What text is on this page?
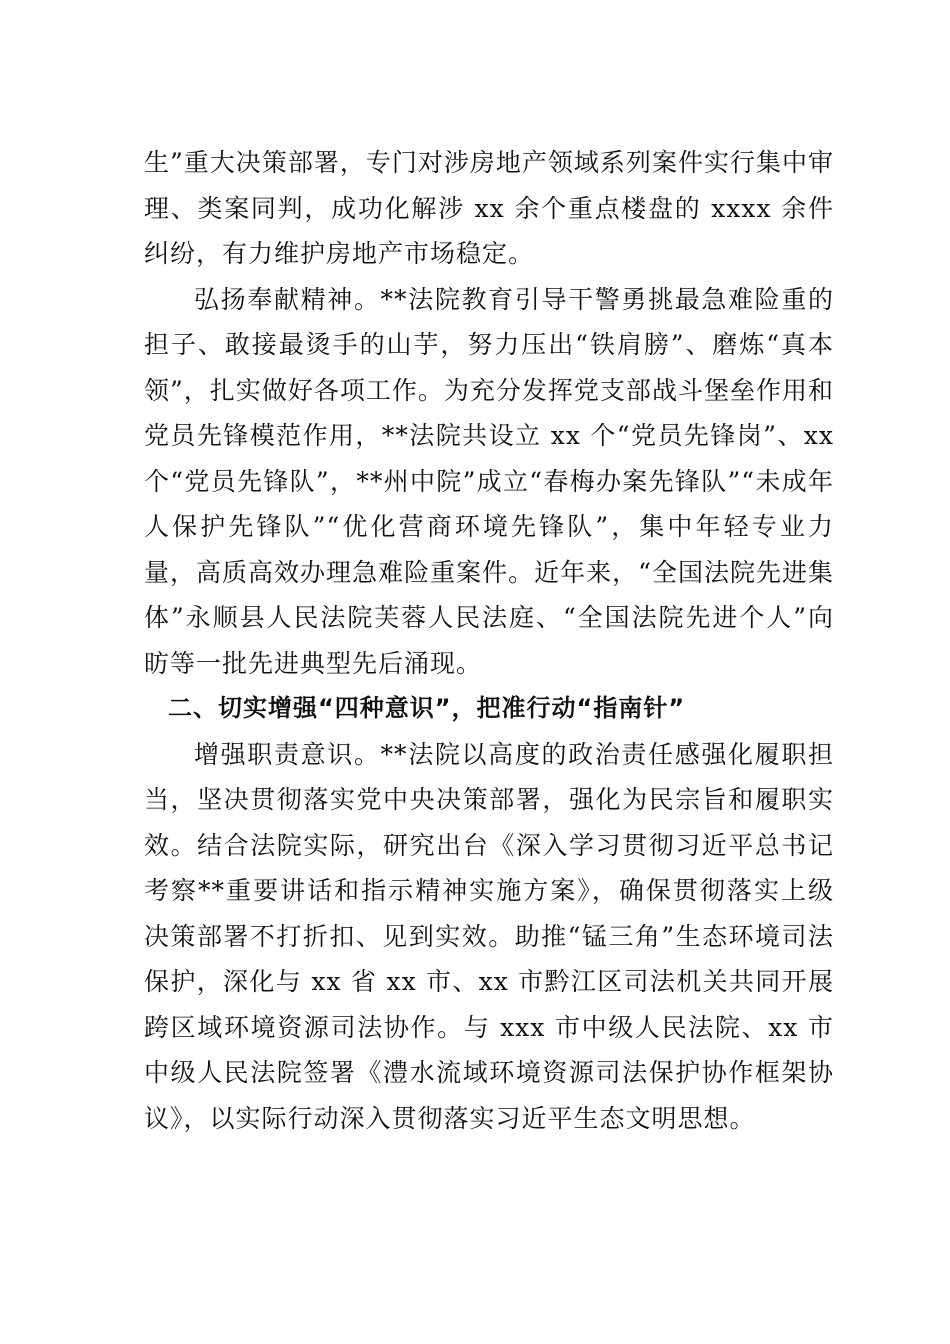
生”重大决策部署，专门对涉房地产领域系列案件实行集中审理、类案同判，成功化解涉 xx 余个重点楼盘的 xxxx 余件纠纷，有力维护房地产市场稳定。

弘扬奉献精神。**法院教育引导干警勇挑最急难险重的担子、敢接最烫手的山芋，努力压出“铁肩膀”、磨炼“真本领”，扎实做好各项工作。为充分发挥党支部战斗堡垒作用和党员先锋模范作用，**法院共设立 xx 个“党员先锋岗”、xx 个“党员先锋队”，**州中院”成立“春梅办案先锋队”“未成年人保护先锋队”“优化营商环境先锋队”，集中年轻专业力量，高质高效办理急难险重案件。近年来，“全国法院先进集体”永顺县人民法院芙蓉人民法庭、“全国法院先进个人”向昉等一批先进典型先后涌现。

二、切实增强“四种意识”，把准行动“指南针”

增强职责意识。**法院以高度的政治责任感强化履职担当，坚决贯彻落实党中央决策部署，强化为民宗旨和履职实效。结合法院实际，研究出台《深入学习贯彻习近平总书记考察**重要讲话和指示精神实施方案》，确保贯彻落实上级决策部署不打折扣、见到实效。助推“锰三角”生态环境司法保护，深化与 xx 省 xx 市、xx 市黔江区司法机关共同开展跨区域环境资源司法协作。与 xxx 市中级人民法院、xx 市中级人民法院签署《澧水流域环境资源司法保护协作框架协议》，以实际行动深入贯彻落实习近平生态文明思想。
